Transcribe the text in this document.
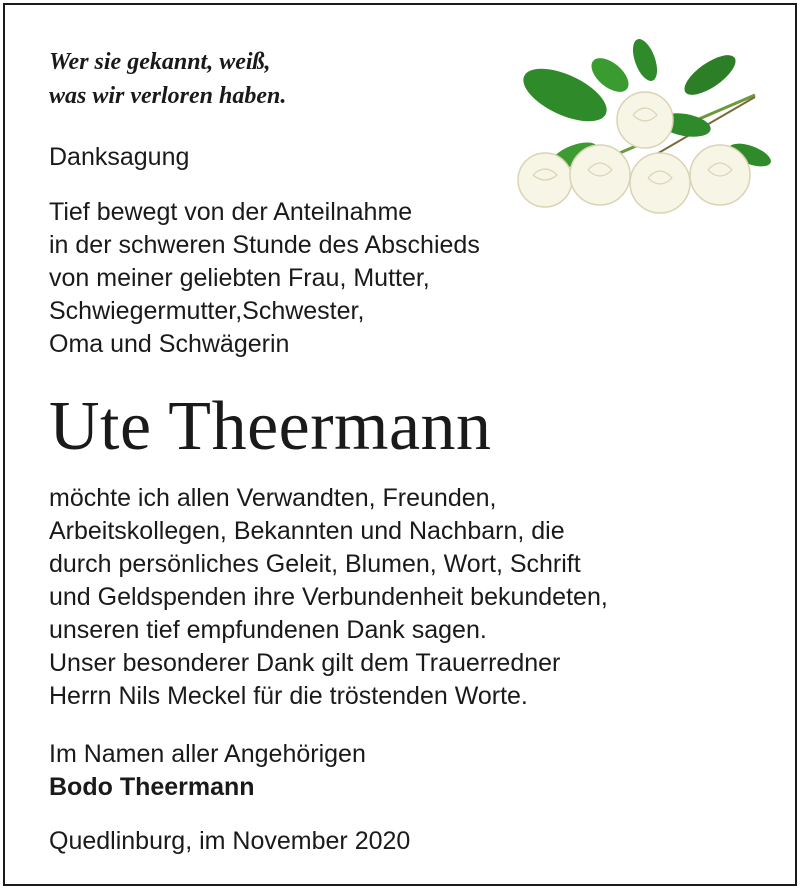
Wer sie gekannt, weiß,
was wir verloren haben.
Danksagung
Tief bewegt von der Anteilnahme
in der schweren Stunde des Abschieds
von meiner geliebten Frau, Mutter,
Schwiegermutter,Schwester,
Oma und Schwägerin
Ute Theermann
möchte ich allen Verwandten, Freunden,
Arbeitskollegen, Bekannten und Nachbarn, die
durch persönliches Geleit, Blumen, Wort, Schrift
und Geldspenden ihre Verbundenheit bekundeten,
unseren tief empfundenen Dank sagen.
Unser besonderer Dank gilt dem Trauerredner
Herrn Nils Meckel für die tröstenden Worte.
Im Namen aller Angehörigen
Bodo Theermann
Quedlinburg, im November 2020
